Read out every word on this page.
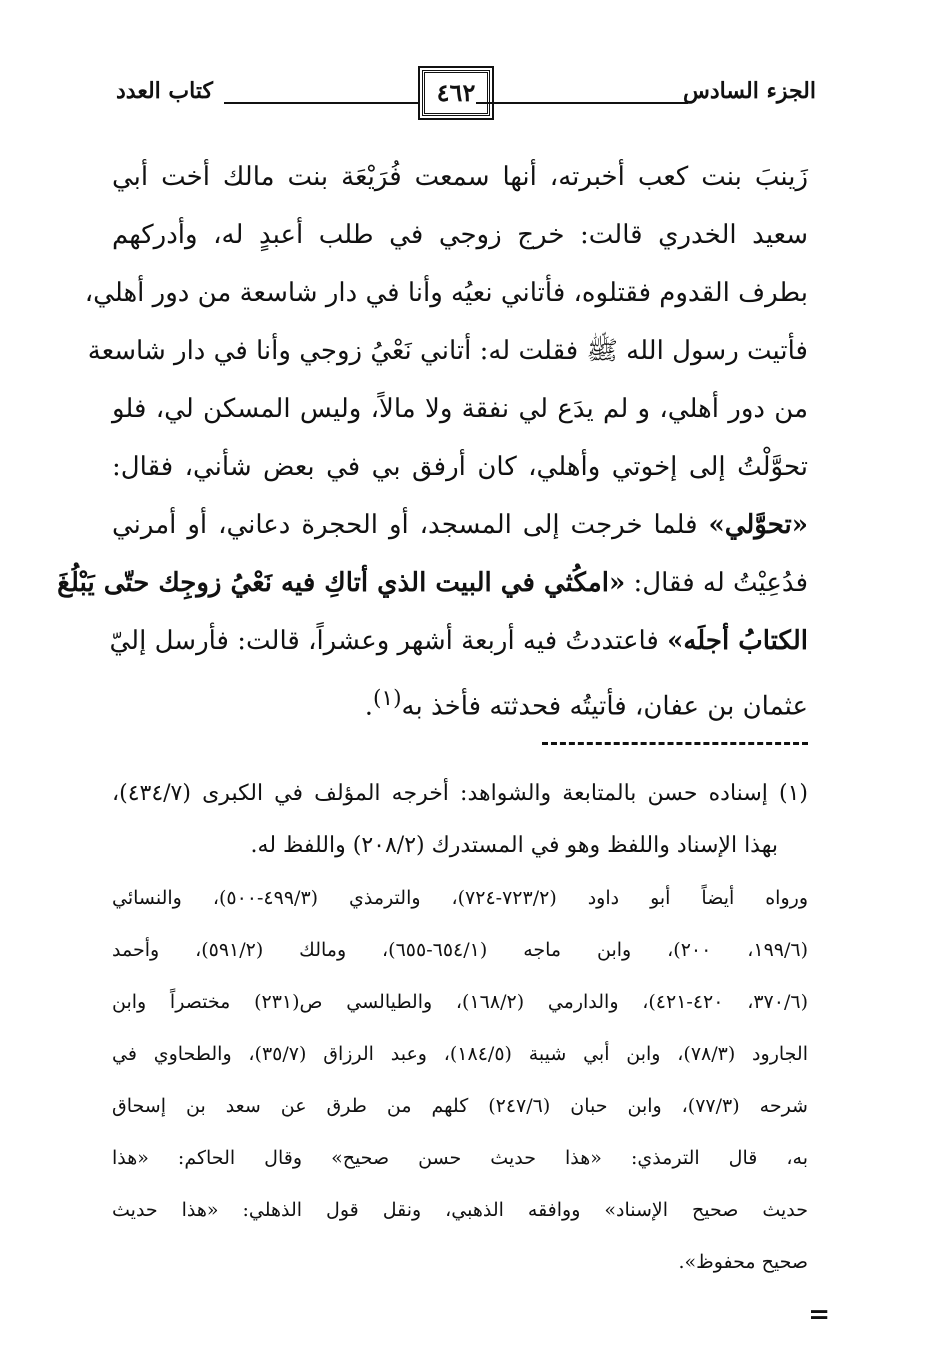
الجزء السادس
٤٦٢
كتاب العدد
زَينبَ بنت كعب أخبرته، أنها سمعت فُرَيْعَة بنت مالك أخت أبي
سعيد الخدري قالت: خرج زوجي في طلب أعبدٍ له، وأدركهم
بطرف القدوم فقتلوه، فأتاني نعيُه وأنا في دار شاسعة من دور أهلي،
فأتيت رسول الله ﷺ فقلت له: أتاني نَعْيُ زوجي وأنا في دار شاسعة
من دور أهلي، و لم يدَع لي نفقة ولا مالاً، وليس المسكن لي، فلو
تحوَّلْتُ إلى إخوتي وأهلي، كان أرفق بي في بعض شأني، فقال:
«تحوَّلي» فلما خرجت إلى المسجد، أو الحجرة دعاني، أو أمرني
فدُعِيْتُ له فقال: «امكُثي في البيت الذي أتاكِ فيه نَعْيُ زوجِك حتّى يَبْلُغَ
الكتابُ أجلَه» فاعتددتُ فيه أربعة أشهر وعشراً، قالت: فأرسل إليّ
عثمان بن عفان، فأتيتُه فحدثته فأخذ به$^{(١)}$.
(١) إسناده حسن بالمتابعة والشواهد: أخرجه المؤلف في الكبرى (٤٣٤/٧)،
بهذا الإسناد واللفظ وهو في المستدرك (٢٠٨/٢) واللفظ له.
ورواه أيضاً أبو داود (٧٢٣/٢-٧٢٤)، والترمذي (٤٩٩/٣-٥٠٠)، والنسائي
(١٩٩/٦، ٢٠٠)، وابن ماجه (٦٥٤/١-٦٥٥)، ومالك (٥٩١/٢)، وأحمد
(٣٧٠/٦، ٤٢٠-٤٢١)، والدارمي (١٦٨/٢)، والطيالسي ص(٢٣١) مختصراً وابن
الجارود (٧٨/٣)، وابن أبي شيبة (١٨٤/٥)، وعبد الرزاق (٣٥/٧)، والطحاوي في
شرحه (٧٧/٣)، وابن حبان (٢٤٧/٦) كلهم من طرق عن سعد بن إسحاق
به، قال الترمذي: «هذا حديث حسن صحيح» وقال الحاكم: «هذا
حديث صحيح الإسناد» ووافقه الذهبي، ونقل قول الذهلي: «هذا حديث
صحيح محفوظ».
=
